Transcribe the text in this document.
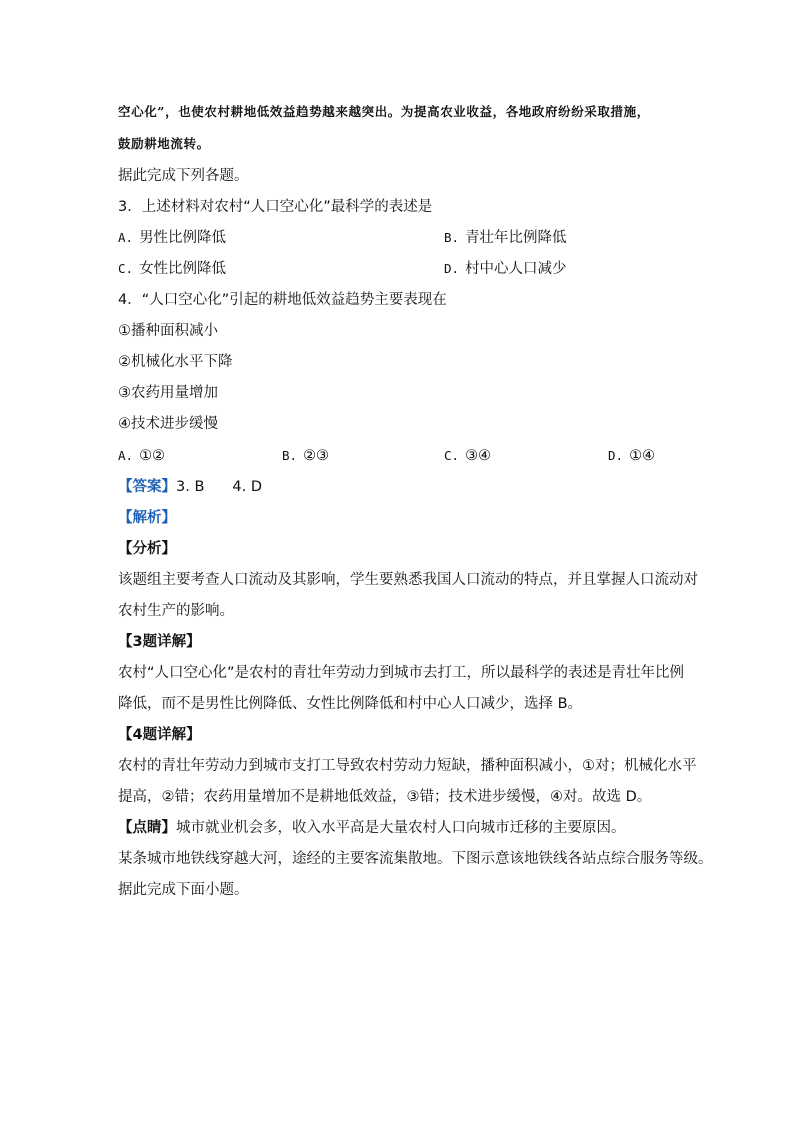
空心化”，也使农村耕地低效益趋势越来越突出。为提高农业收益，各地政府纷纷采取措施，
鼓励耕地流转。
据此完成下列各题。
3．上述材料对农村“人口空心化”最科学的表述是
A. 男性比例降低	B. 青壮年比例降低
C. 女性比例降低	D. 村中心人口减少
4．“人口空心化”引起的耕地低效益趋势主要表现在
①播种面积减小
②机械化水平下降
③农药用量增加
④技术进步缓慢
A. ①②	B. ②③	C. ③④	D. ①④
【答案】3. B 4. D
【解析】
【分析】
该题组主要考查人口流动及其影响，学生要熟悉我国人口流动的特点，并且掌握人口流动对
农村生产的影响。
【3题详解】
农村“人口空心化”是农村的青壮年劳动力到城市去打工，所以最科学的表述是青壮年比例
降低，而不是男性比例降低、女性比例降低和村中心人口减少，选择 B。
【4题详解】
农村的青壮年劳动力到城市支打工导致农村劳动力短缺，播种面积减小，①对；机械化水平
提高，②错；农药用量增加不是耕地低效益，③错；技术进步缓慢，④对。故选 D。
【点睛】城市就业机会多，收入水平高是大量农村人口向城市迁移的主要原因。
某条城市地铁线穿越大河，途经的主要客流集散地。下图示意该地铁线各站点综合服务等级。
据此完成下面小题。
